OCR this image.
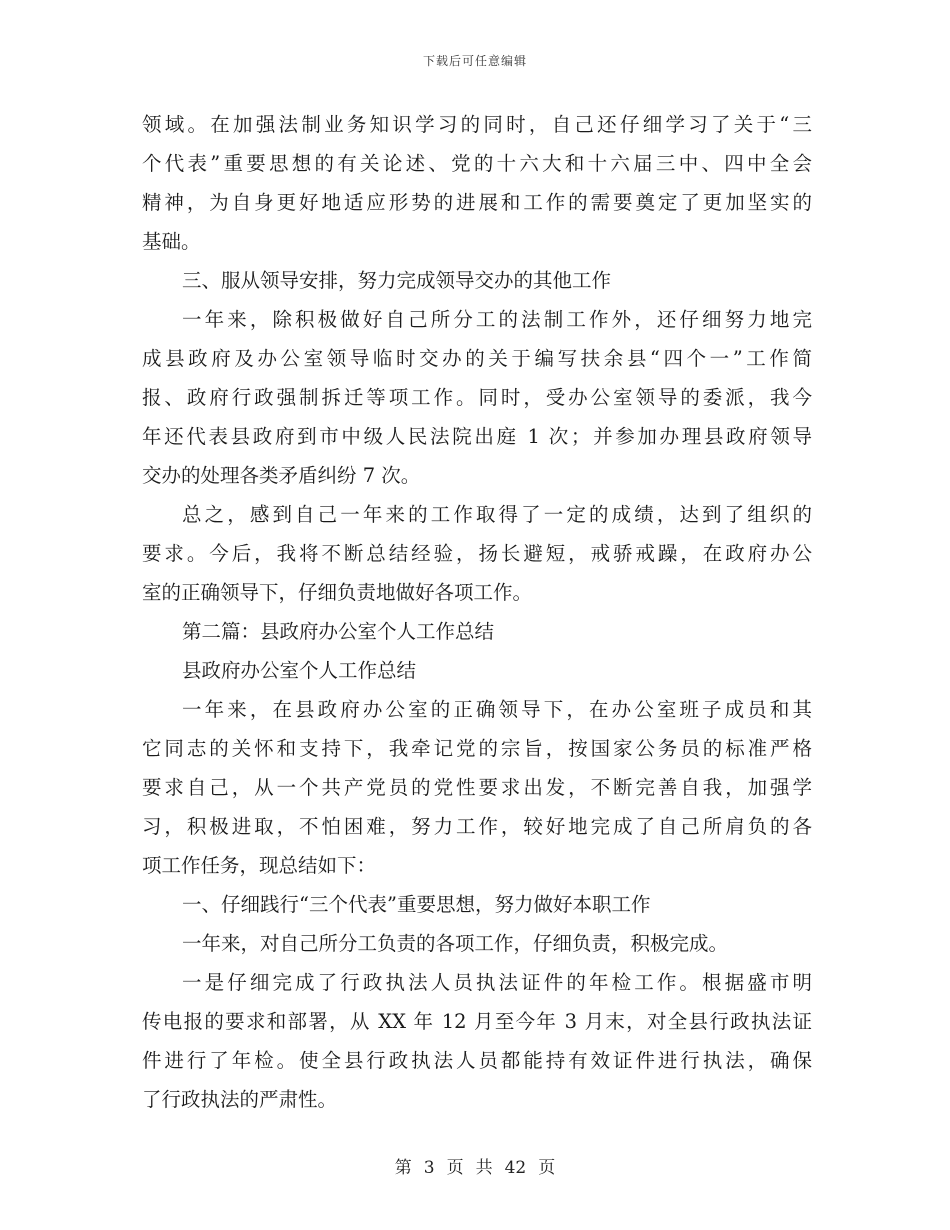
下载后可任意编辑
领域。在加强法制业务知识学习的同时，自己还仔细学习了关于“三
个代表”重要思想的有关论述、党的十六大和十六届三中、四中全会
精神，为自身更好地适应形势的进展和工作的需要奠定了更加坚实的
基础。
三、服从领导安排，努力完成领导交办的其他工作
一年来，除积极做好自己所分工的法制工作外，还仔细努力地完
成县政府及办公室领导临时交办的关于编写扶余县“四个一”工作简
报、政府行政强制拆迁等项工作。同时，受办公室领导的委派，我今
年还代表县政府到市中级人民法院出庭 1 次；并参加办理县政府领导
交办的处理各类矛盾纠纷 7 次。
总之，感到自己一年来的工作取得了一定的成绩，达到了组织的
要求。今后，我将不断总结经验，扬长避短，戒骄戒躁，在政府办公
室的正确领导下，仔细负责地做好各项工作。
第二篇：县政府办公室个人工作总结
县政府办公室个人工作总结
一年来，在县政府办公室的正确领导下，在办公室班子成员和其
它同志的关怀和支持下，我牵记党的宗旨，按国家公务员的标准严格
要求自己，从一个共产党员的党性要求出发，不断完善自我，加强学
习，积极进取，不怕困难，努力工作，较好地完成了自己所肩负的各
项工作任务，现总结如下：
一、仔细践行“三个代表”重要思想，努力做好本职工作
一年来，对自己所分工负责的各项工作，仔细负责，积极完成。
一是仔细完成了行政执法人员执法证件的年检工作。根据盛市明
传电报的要求和部署，从 XX 年 12 月至今年 3 月末，对全县行政执法证
件进行了年检。使全县行政执法人员都能持有效证件进行执法，确保
了行政执法的严肃性。
第 3 页 共 42 页
